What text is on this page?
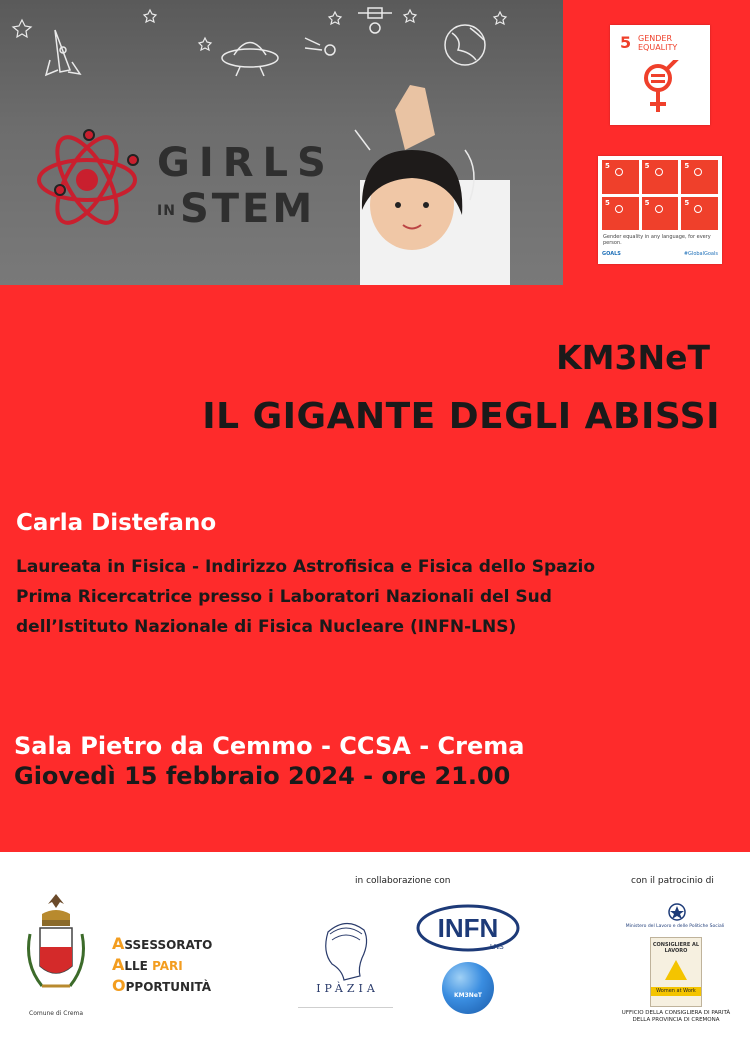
GIRLS
IN STEM
5 GENDER EQUALITY
5	5	5
5	5	5
Gender equality in any language, for every person.
GOALS	#GlobalGoals
KM3NeT
IL GIGANTE DEGLI ABISSI
Carla Distefano
Laureata in Fisica - Indirizzo Astrofisica e Fisica dello Spazio
Prima Ricercatrice presso i Laboratori Nazionali del Sud
dell’Istituto Nazionale di Fisica Nucleare (INFN-LNS)
Sala Pietro da Cemmo - CCSA - Crema
Giovedì 15 febbraio 2024 - ore 21.00
in collaborazione con	con il patrocinio di
Comune di Crema
ASSESSORATO
ALLE PARI
OPPORTUNITÀ	IPÀZIA
INFN
LNS
KM3NeT
Ministero del Lavoro e delle Politiche Sociali
CONSIGLIERE AL LAVORO
Women at Work
UFFICIO DELLA CONSIGLIERA DI PARITÀ DELLA PROVINCIA DI CREMONA
